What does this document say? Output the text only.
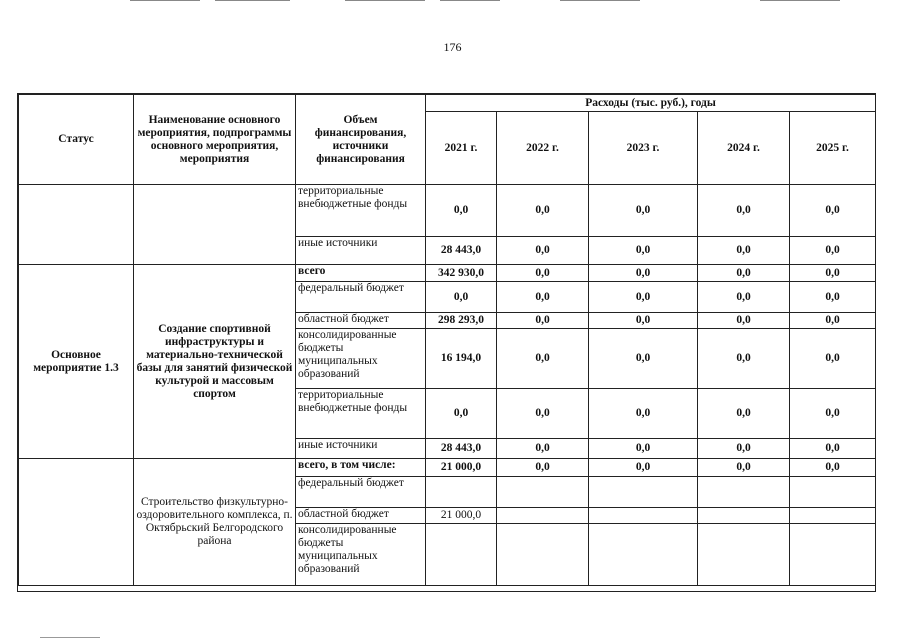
176
Статус	Наименование основного мероприятия, подпрограммы основного мероприятия, мероприятия	Объем финансирования, источники финансирования	Расходы (тыс. руб.), годы				
			2021 г.	2022 г.	2023 г.	2024 г.	2025 г.
		территориальные внебюджетные фонды	0,0	0,0	0,0	0,0	0,0
		иные источники	28 443,0	0,0	0,0	0,0	0,0
Основное мероприятие 1.3	Создание спортивной инфраструктуры и материально-технической базы для занятий физической культурой и массовым спортом	всего	342 930,0	0,0	0,0	0,0	0,0
		федеральный бюджет	0,0	0,0	0,0	0,0	0,0
		областной бюджет	298 293,0	0,0	0,0	0,0	0,0
		консолидированные бюджеты муниципальных образований	16 194,0	0,0	0,0	0,0	0,0
		территориальные внебюджетные фонды	0,0	0,0	0,0	0,0	0,0
		иные источники	28 443,0	0,0	0,0	0,0	0,0
	Строительство физкультурно-оздоровительного комплекса, п. Октябрьский Белгородского района	всего, в том числе:	21 000,0	0,0	0,0	0,0	0,0
		федеральный бюджет					
		областной бюджет	21 000,0				
		консолидированные бюджеты муниципальных образований					
